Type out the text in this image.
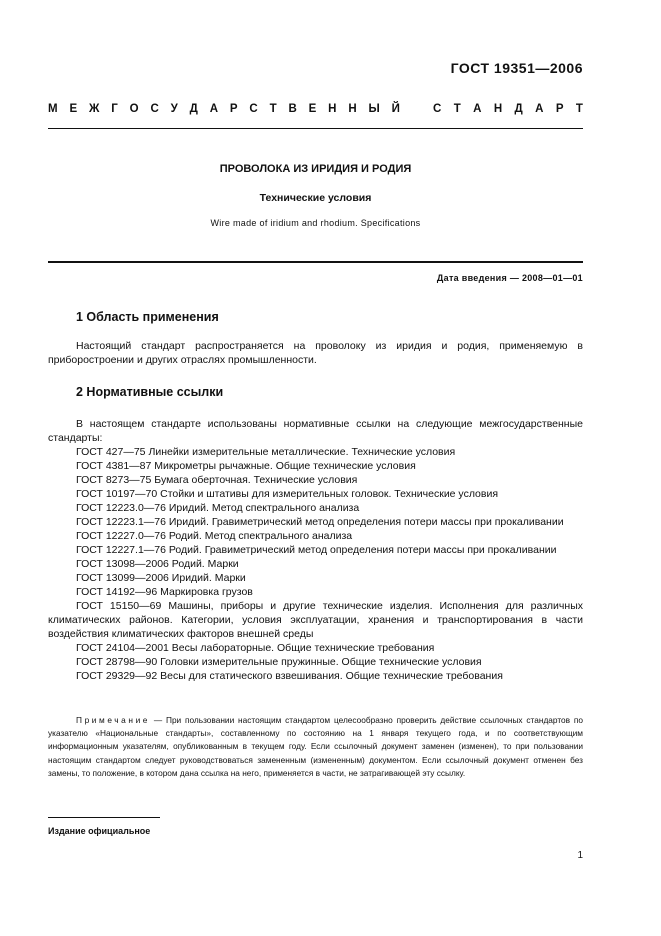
ГОСТ 19351—2006
М Е Ж Г О С У Д А Р С Т В Е Н Н Ы Й	С Т А Н Д А Р Т
ПРОВОЛОКА ИЗ ИРИДИЯ И РОДИЯ
Технические условия
Wire made of iridium and rhodium. Specifications
Дата введения — 2008—01—01
1 Область применения
Настоящий стандарт распространяется на проволоку из иридия и родия, применяемую в приборостроении и других отраслях промышленности.
2 Нормативные ссылки
В настоящем стандарте использованы нормативные ссылки на следующие межгосударственные стандарты:
ГОСТ 427—75 Линейки измерительные металлические. Технические условия
ГОСТ 4381—87 Микрометры рычажные. Общие технические условия
ГОСТ 8273—75 Бумага оберточная. Технические условия
ГОСТ 10197—70 Стойки и штативы для измерительных головок. Технические условия
ГОСТ 12223.0—76 Иридий. Метод спектрального анализа
ГОСТ 12223.1—76 Иридий. Гравиметрический метод определения потери массы при прокаливании
ГОСТ 12227.0—76 Родий. Метод спектрального анализа
ГОСТ 12227.1—76 Родий. Гравиметрический метод определения потери массы при прокаливании
ГОСТ 13098—2006 Родий. Марки
ГОСТ 13099—2006 Иридий. Марки
ГОСТ 14192—96 Маркировка грузов
ГОСТ 15150—69 Машины, приборы и другие технические изделия. Исполнения для различных климатических районов. Категории, условия эксплуатации, хранения и транспортирования в части воздействия климатических факторов внешней среды
ГОСТ 24104—2001 Весы лабораторные. Общие технические требования
ГОСТ 28798—90 Головки измерительные пружинные. Общие технические условия
ГОСТ 29329—92 Весы для статического взвешивания. Общие технические требования
Примечание — При пользовании настоящим стандартом целесообразно проверить действие ссылочных стандартов по указателю «Национальные стандарты», составленному по состоянию на 1 января текущего года, и по соответствующим информационным указателям, опубликованным в текущем году. Если ссылочный документ заменен (изменен), то при пользовании настоящим стандартом следует руководствоваться замененным (измененным) документом. Если ссылочный документ отменен без замены, то положение, в котором дана ссылка на него, применяется в части, не затрагивающей эту ссылку.
Издание официальное
1
